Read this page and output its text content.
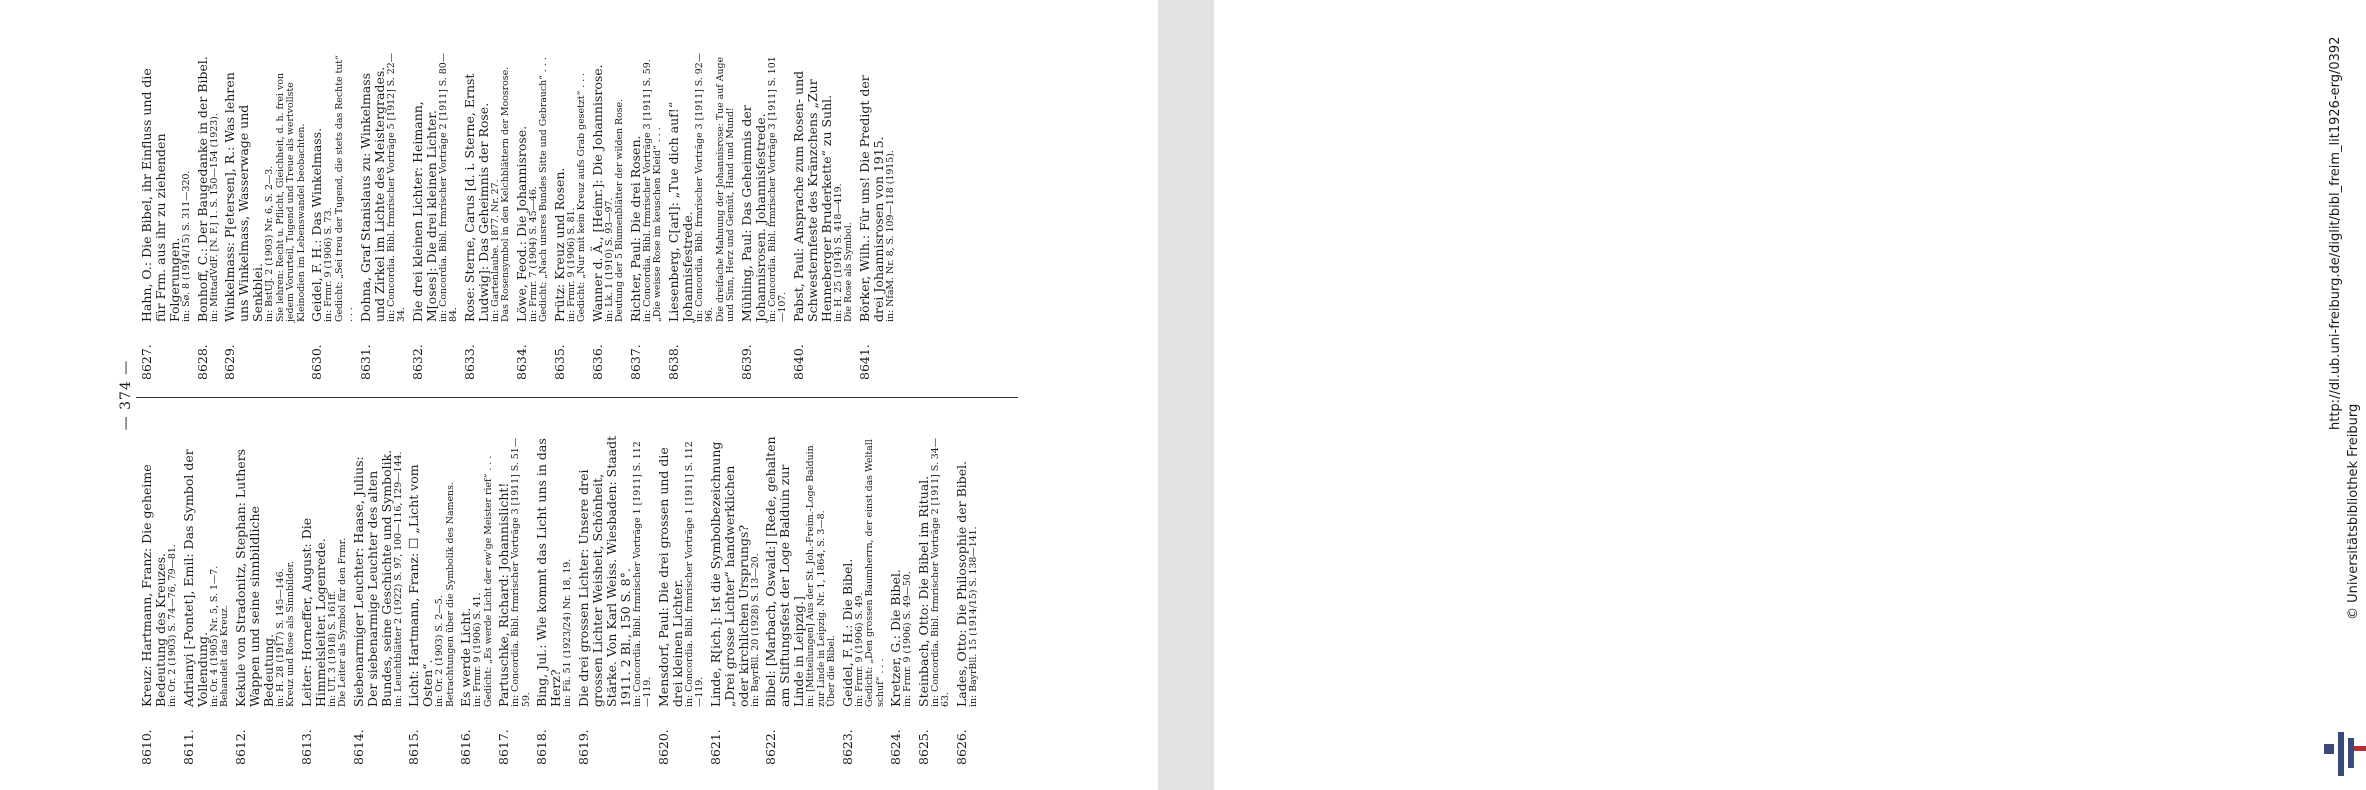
— 374 —
8610.
Kreuz: Hartmann, Franz: Die geheime Bedeutung des Kreuzes. in: Or. 2 (1903) S. 74—76, 79—81.
8611.
Adrianyi [-Pontet], Emil: Das Symbol der Vollendung. in: Or. 4 (1905) Nr. 5, S. 1—7. Behandelt das Kreuz.
8612.
Kekule von Stradonitz, Stephan: Luthers Wappen und seine sinnbildliche Bedeutung. in: H. 28 (1917) S. 145—146. Kreuz und Rose als Sinnbilder.
8613.
Leiter: Horneffer, August: Die Himmelsleiter. Logenrede. in: UT. 3 (1918) S. 161ff. Die Leiter als Symbol für den Frmr.
8614.
Siebenarmiger Leuchter: Haase, Julius: Der siebenarmige Leuchter des alten Bundes, seine Geschichte und Symbolik. in: Leuchtblätter 2 (1922) S. 97, 100—116, 129—144.
8615.
Licht: Hartmann, Franz: ☐ „Licht vom Osten“. in: Or. 2 (1903) S. 2—5. Betrachtungen über die Symbolik des Namens.
8616.
Es werde Licht. in: Frmr. 9 (1906) S. 41. Gedicht: „Es werde Licht der ew'ge Meister rief“ . . .
8617.
Partuschke, Richard: Johannislicht! in: Concordia. Bibl. frmrischer Vorträge 3 [1911] S. 51—59.
8618.
Bing, Jul.: Wie kommt das Licht uns in das Herz? in: Fü. 51 (1923/24) Nr. 18, 19.
8619.
Die drei grossen Lichter: Unsere drei grossen Lichter Weisheit, Schönheit, Stärke. Von Karl Weiss. Wiesbaden: Staadt 1911. 2 Bl., 150 S. 8°. in: Concordia. Bibl. frmrischer Vorträge 1 [1911] S. 112—119.
8620.
Mensdorf, Paul: Die drei grossen und die drei kleinen Lichter. in: Concordia. Bibl. frmrischer Vorträge 1 [1911] S. 112—119.
8621.
Linde, R[ich.]: Ist die Symbolbezeichnung „Drei grosse Lichter“ handwerklichen oder kirchlichen Ursprungs? in: BayrBll. 20 (1928) S. 13—20.
8622.
Bibel: [Marbach, Oswald:] [Rede, gehalten am Stiftungsfest der Loge Balduin zur Linde in Leipzig.] in: [Mitteilungen] Aus der St. Joh.-Freim.-Loge Balduin zur Linde in Leipzig. Nr. 1, 1864, S. 3—8. Über die Bibel.
8623.
Geidel, F. H.: Die Bibel. in: Frmr. 9 (1906) S. 49. Gedicht: „Den grossen Baumherrn, der einst das Weltall schuf“ . . .
8624.
Kretzer, G.: Die Bibel. in: Frmr. 9 (1906) S. 49—50.
8625.
Steinbach, Otto: Die Bibel im Ritual. in: Concordia. Bibl. frmrischer Vorträge 2 [1911] S. 34—63.
8626.
Lades, Otto: Die Philosophie der Bibel. in: BayrBll. 15 (1914/15) S. 138—141.
8627.
Hahn, O.: Die Bibel, ihr Einfluss und die für Frm. aus ihr zu ziehenden Folgerungen. in: Sø. 8 (1914/15) S. 311—320.
8628.
Bonhoff, C.: Der Baugedanke in der Bibel. in: MittadVdF. [N. F.] 1. S. 150—154 (1923).
8629.
Winkelmass: P[etersen], R.: Was lehren uns Winkelmass, Wasserwage und Senkblei. in: BstUJ. 2 (1903) Nr. 6, S. 2—3. Sie lehren: Recht u. Pflicht, Gleichheit, d. h. frei von jedem Vorurteil, Tugend und Treue als wertvollste Kleinodien im Lebenswandel beobachten.
8630.
Geidel, F. H.: Das Winkelmass. in: Frmr. 9 (1906) S. 73. Gedicht: „Sei treu der Tugend, die stets das Rechte tut“ . . .
8631.
Dohna, Graf Stanislaus zu: Winkelmass und Zirkel im Lichte des Meistergrades. in: Concordia. Bibl. frmrischer Vorträge 5 [1912] S. 22—34.
8632.
Die drei kleinen Lichter: Heimann, M[oses]: Die drei kleinen Lichter. in: Concordia. Bibl. frmrischer Vorträge 2 [1911] S. 80—84.
8633.
Rose: Sterne, Carus [d. i. Sterne, Ernst Ludwig]: Das Geheimnis der Rose. in: Gartenlaube. 1877. Nr. 27. Das Rosensymbol in den Kelchblättern der Moosrose.
8634.
Löwe, Feod.: Die Johannisrose. in: Frmr. 7 (1904) S. 45—46. Gedicht: „Nach unsres Bundes Sitte und Gebrauch“ . . .
8635.
Prütz: Kreuz und Rosen. in: Frmr. 9 (1906) S. 81. Gedicht: „Nur mit kein Kreuz aufs Grab gesetzt“ . . .
8636.
Wanner d. Ä., [Heinr.]: Die Johannisrose. in: Lk. 1 (1910) S. 93—97. Deutung der 5 Blumenblätter der wilden Rose.
8637.
Richter, Paul: Die drei Rosen. in: Concordia. Bibl. frmrischer Vorträge 3 [1911] S. 59. „Die weisse Rose im keuschen Kleid“ . . .
8638.
Liesenberg, C[arl]: „Tue dich auf!“ Johannisfestrede. in: Concordia. Bibl. frmrischer Vorträge 3 [1911] S. 92—96. Die dreifache Mahnung der Johannisrose: Tue auf Auge und Sinn, Herz und Gemüt, Hand und Mund!
8639.
Mühling, Paul: Das Geheimnis der Johannisrosen. Johannisfestrede. in: Concordia. Bibl. frmrischer Vorträge 3 [1911] S. 101—107.
8640.
Pabst, Paul: Ansprache zum Rosen- und Schwesternfeste des Kränzchens „Zur Henneberger Bruderkette“ zu Suhl. in: H. 25 (1914) S. 418—419. Die Rose als Symbol.
8641.
Börker, Wilh.: Für uns! Die Predigt der drei Johannisrosen von 1915. in: NfaM. Nr. 8, S. 109—118 (1915).	http://dl.ub.uni-freiburg.de/diglit/bibl_freim_lit1926-erg/0392
© Universitätsbibliothek Freiburg
